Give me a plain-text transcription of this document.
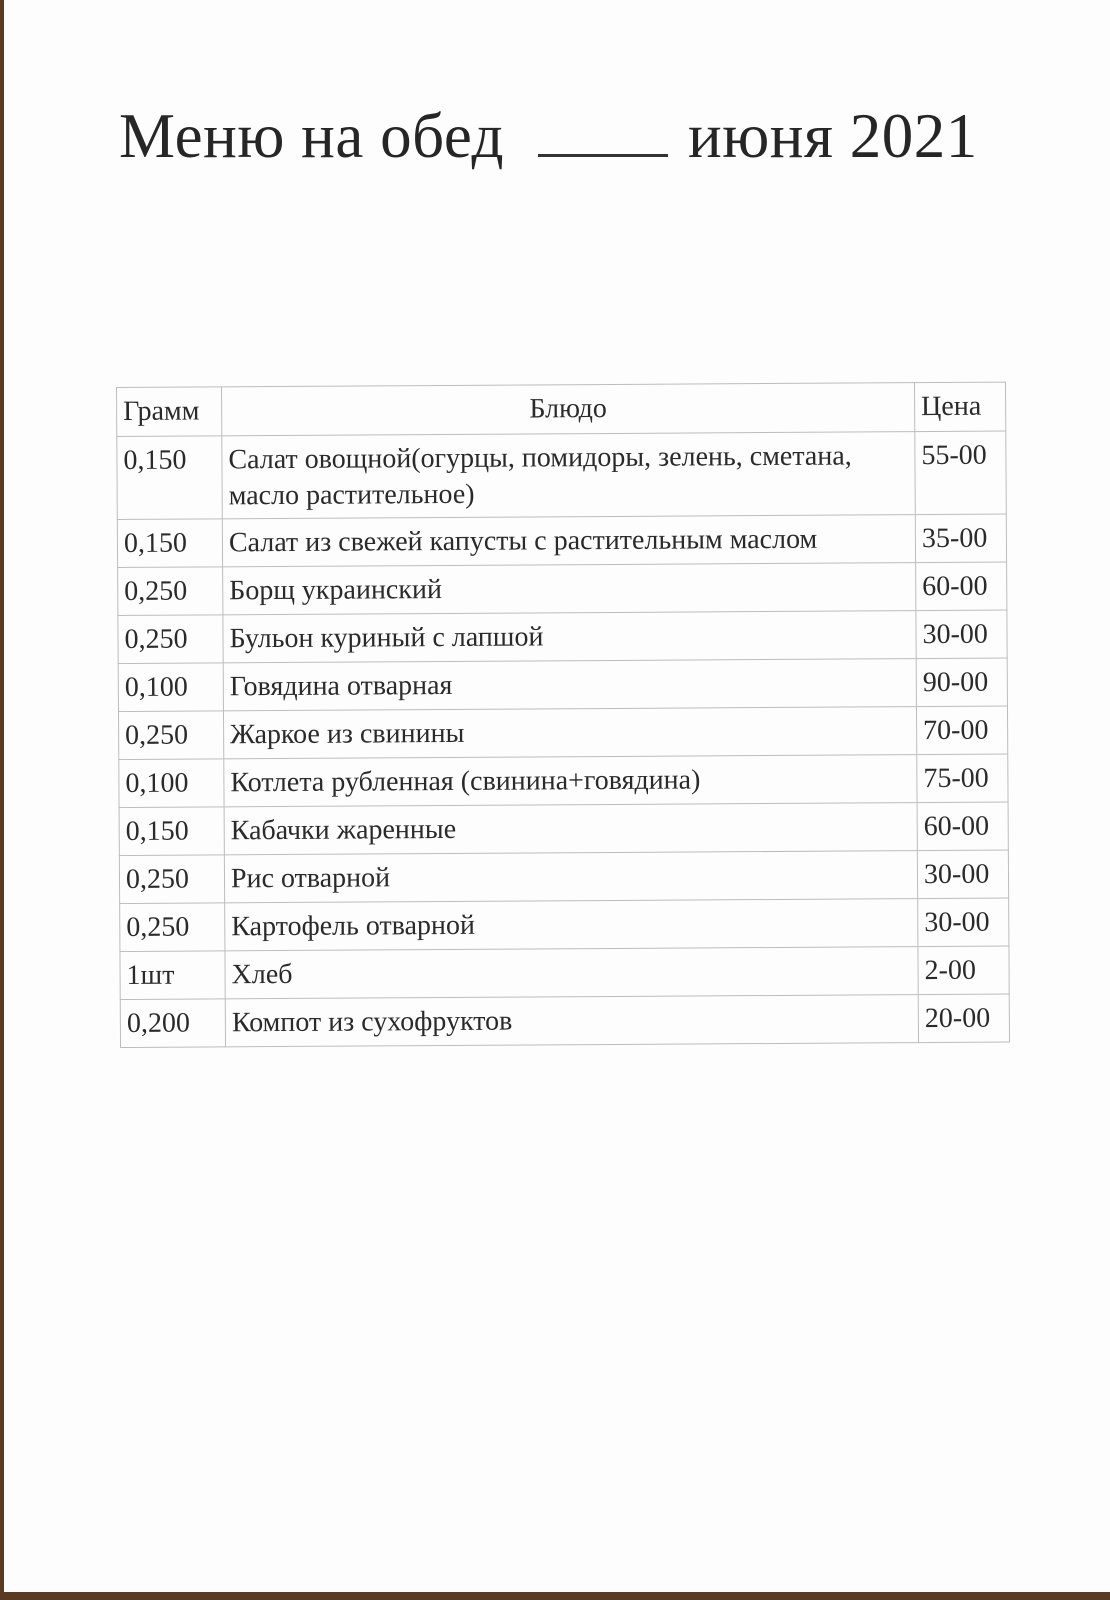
Меню на обед	июня 2021
Грамм	Блюдо	Цена
0,150	Салат овощной(огурцы, помидоры, зелень, сметана, масло растительное)	55-00
0,150	Салат из свежей капусты с растительным маслом	35-00
0,250	Борщ украинский	60-00
0,250	Бульон куриный с лапшой	30-00
0,100	Говядина отварная	90-00
0,250	Жаркое из свинины	70-00
0,100	Котлета рубленная (свинина+говядина)	75-00
0,150	Кабачки жаренные	60-00
0,250	Рис отварной	30-00
0,250	Картофель отварной	30-00
1шт	Хлеб	2-00
0,200	Компот из сухофруктов	20-00
